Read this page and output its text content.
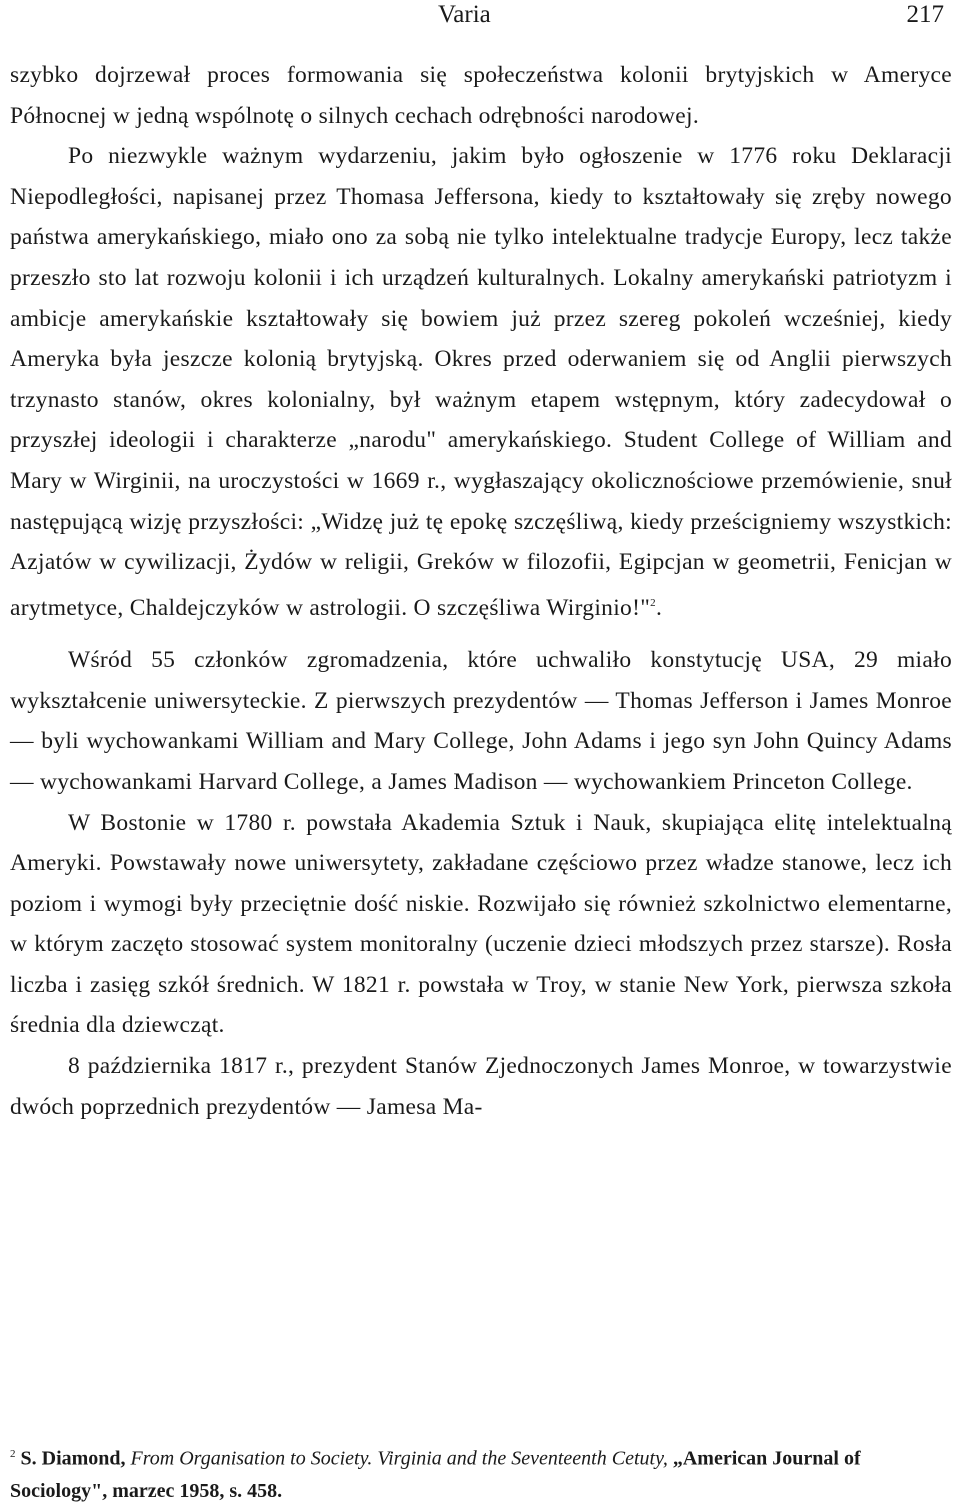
Varia	217

szybko dojrzewał proces formowania się społeczeństwa kolonii brytyjskich w Ameryce Północnej w jedną wspólnotę o silnych cechach odrębności narodowej.

Po niezwykle ważnym wydarzeniu, jakim było ogłoszenie w 1776 roku Deklaracji Niepodległości, napisanej przez Thomasa Jeffersona, kiedy to kształtowały się zręby nowego państwa amerykańskiego, miało ono za sobą nie tylko intelektualne tradycje Europy, lecz także przeszło sto lat rozwoju kolonii i ich urządzeń kulturalnych. Lokalny amerykański patriotyzm i ambicje amerykańskie kształtowały się bowiem już przez szereg pokoleń wcześniej, kiedy Ameryka była jeszcze kolonią brytyjską. Okres przed oderwaniem się od Anglii pierwszych trzynasto stanów, okres kolonialny, był ważnym etapem wstępnym, który zadecydował o przyszłej ideologii i charakterze „narodu" amerykańskiego. Student College of William and Mary w Wirginii, na uroczystości w 1669 r., wygłaszający okolicznościowe przemówienie, snuł następującą wizję przyszłości: „Widzę już tę epokę szczęśliwą, kiedy prześcigniemy wszystkich: Azjatów w cywilizacji, Żydów w religii, Greków w filozofii, Egipcjan w geometrii, Fenicjan w arytmetyce, Chaldejczyków w astrologii. O szczęśliwa Wirginio!"$^2$.

Wśród 55 członków zgromadzenia, które uchwaliło konstytucję USA, 29 miało wykształcenie uniwersyteckie. Z pierwszych prezydentów — Thomas Jefferson i James Monroe — byli wychowankami William and Mary College, John Adams i jego syn John Quincy Adams — wychowankami Harvard College, a James Madison — wychowankiem Princeton College.

W Bostonie w 1780 r. powstała Akademia Sztuk i Nauk, skupiająca elitę intelektualną Ameryki. Powstawały nowe uniwersytety, zakładane częściowo przez władze stanowe, lecz ich poziom i wymogi były przeciętnie dość niskie. Rozwijało się również szkolnictwo elementarne, w którym zaczęto stosować system monitoralny (uczenie dzieci młodszych przez starsze). Rosła liczba i zasięg szkół średnich. W 1821 r. powstała w Troy, w stanie New York, pierwsza szkoła średnia dla dziewcząt.

8 października 1817 r., prezydent Stanów Zjednoczonych James Monroe, w towarzystwie dwóch poprzednich prezydentów — Jamesa Ma-

$^2$ S. Diamond, From Organisation to Society. Virginia and the Seventeenth Cetuty, „American Journal of Sociology", marzec 1958, s. 458.
